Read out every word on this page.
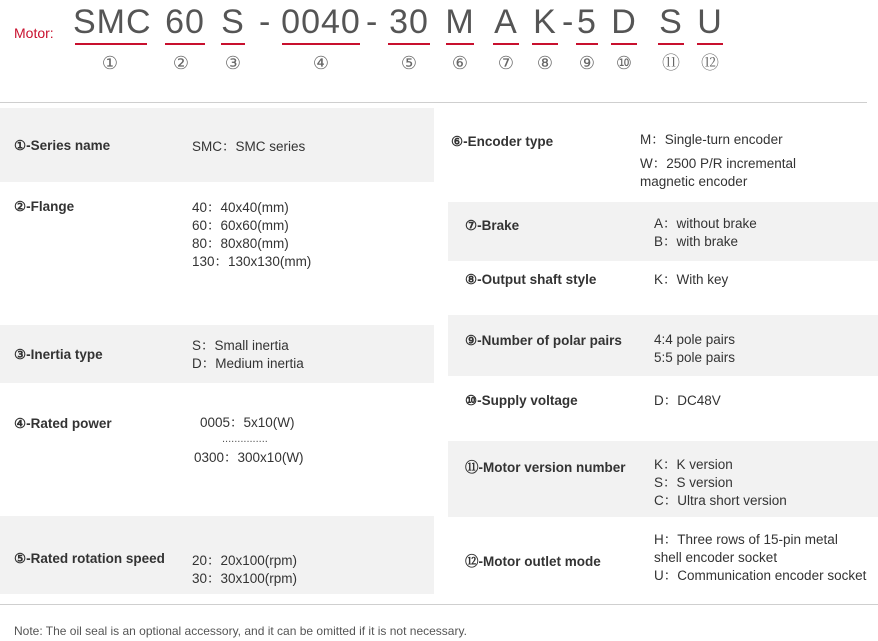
Motor: SMC 60 S - 0040 - 30 M A K - 5 D S U
①	② ③	④	⑤ ⑥ ⑦ ⑧ ⑨ ⑩ ⑪ ⑫
①-Series name	SMC：SMC series
②-Flange	40：40x40(mm)
60：60x60(mm)
80：80x80(mm)
130：130x130(mm)
③-Inertia type
S：Small inertia
D：Medium inertia
④-Rated power	0005：5x10(W)
...............
0300：300x10(W)
⑤-Rated rotation speed 20：20x100(rpm)
30：30x100(rpm)
⑥-Encoder type	M：Single-turn encoder
W：2500 P/R incremental
magnetic encoder
⑦-Brake	A：without brake
B：with brake
⑧-Output shaft style	K：With key
⑨-Number of polar pairs 4:4 pole pairs
5:5 pole pairs
⑩-Supply voltage	D：DC48V
⑪-Motor version number K：K version
S：S version
C：Ultra short version
⑫-Motor outlet mode
H：Three rows of 15-pin metal
shell encoder socket
U：Communication encoder socket
Note: The oil seal is an optional accessory, and it can be omitted if it is not necessary.
